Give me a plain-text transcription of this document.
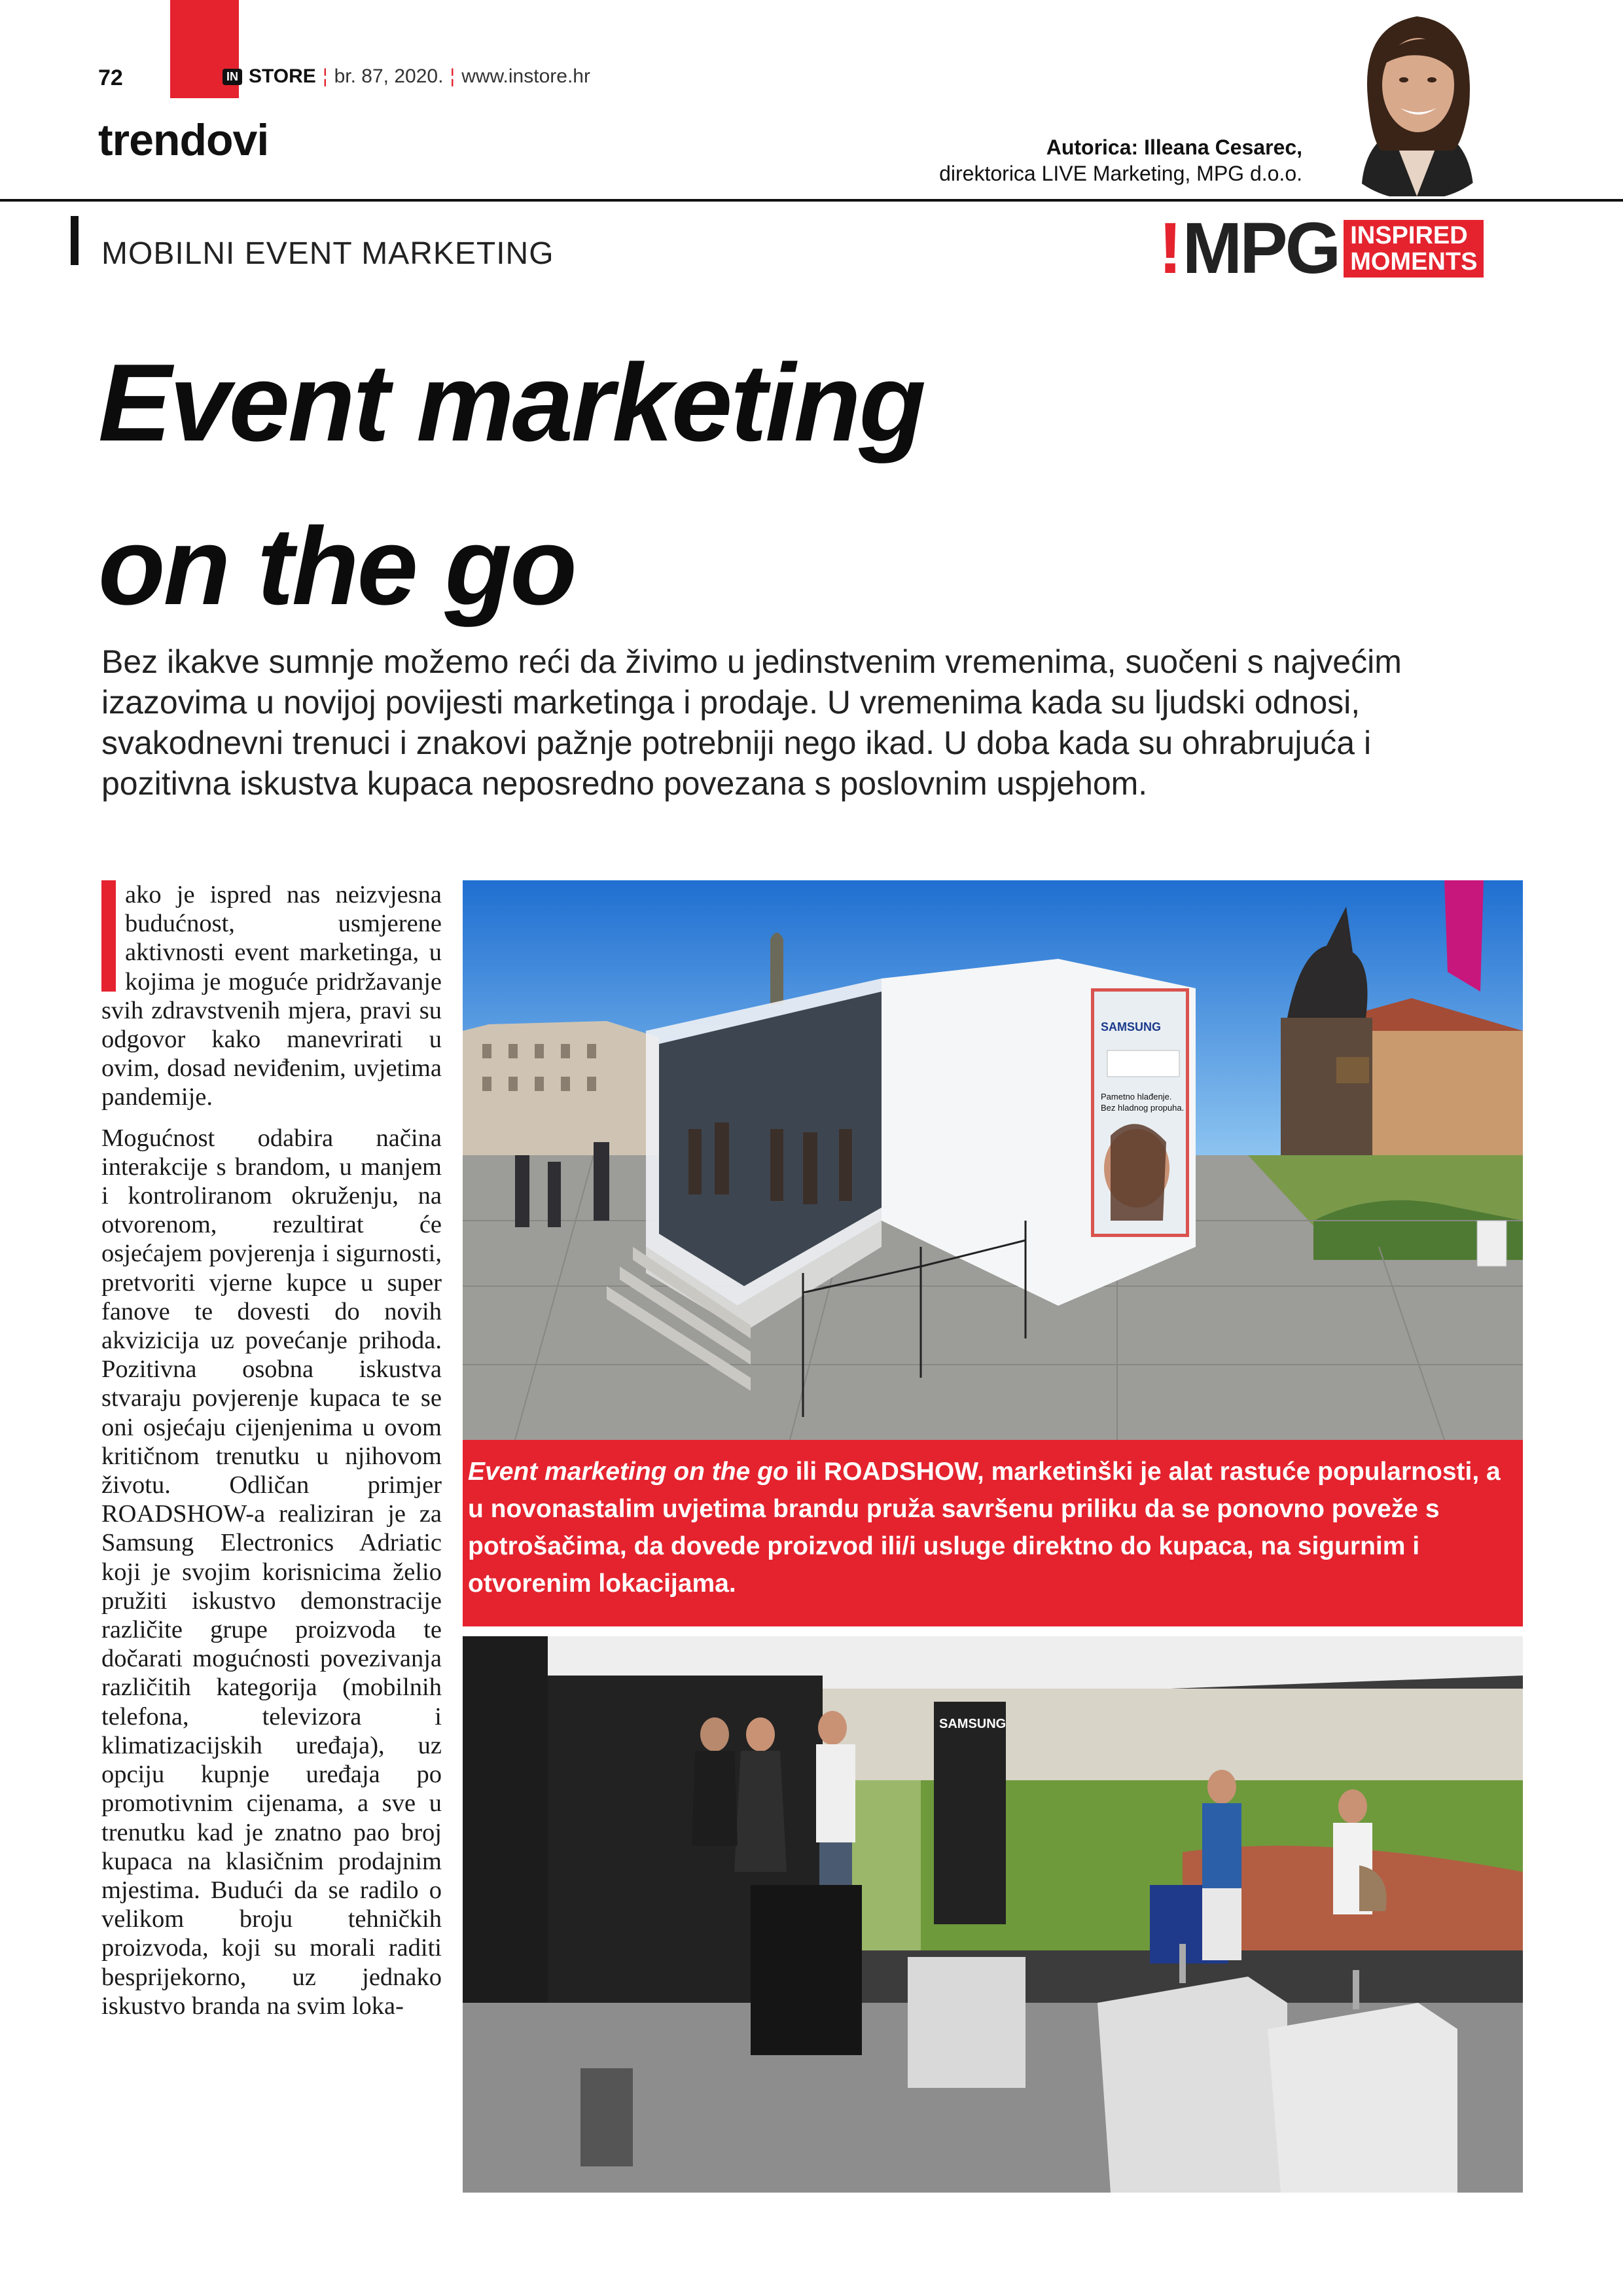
72	IN STORE ¦ br. 87, 2020. ¦ www.instore.hr
trendovi	Autorica: Illeana Cesarec,
direktorica LIVE Marketing, MPG d.o.o.
MOBILNI EVENT MARKETING	! MPG INSPIRED
MOMENTS
Event marketing
on the go
Bez ikakve sumnje možemo reći da živimo u jedinstvenim vremenima, suočeni s najvećim izazovima u novijoj povijesti marketinga i prodaje. U vremenima kada su ljudski odnosi, svakodnevni trenuci i znakovi pažnje potrebniji nego ikad. U doba kada su ohrabrujuća i pozitivna iskustva kupaca neposredno povezana s poslovnim uspjehom.

ako je ispred nas neizvjesna budućnost, usmjerene aktivnosti event marketinga, u kojima je moguće pridržavanje svih zdravstvenih mjera, pravi su odgovor kako manevrirati u ovim, dosad neviđenim, uvjetima pandemije.

Mogućnost odabira načina interakcije s brandom, u manjem i kontroliranom okruženju, na otvorenom, rezultirat će osjećajem povjerenja i sigurnosti, pretvoriti vjerne kupce u super fanove te dovesti do novih akvizicija uz povećanje prihoda. Pozitivna osobna iskustva stvaraju povjerenje kupaca te se oni osjećaju cijenjenima u ovom kritičnom trenutku u njihovom životu. Odličan primjer ROADSHOW-a realiziran je za Samsung Electronics Adriatic koji je svojim korisnicima želio pružiti iskustvo demonstracije različite grupe proizvoda te dočarati mogućnosti povezivanja različitih kategorija (mobilnih telefona, televizora i klimatizacijskih uređaja), uz opciju kupnje uređaja po promotivnim cijenama, a sve u trenutku kad je znatno pao broj kupaca na klasičnim prodajnim mjestima. Budući da se radilo o velikom broju tehničkih proizvoda, koji su morali raditi besprijekorno, uz jednako iskustvo branda na svim loka-

SAMSUNG
Pametno hlađenje.
Bez hladnog propuha.
Event marketing on the go ili ROADSHOW, marketinški je alat rastuće popularnosti, a u novonastalim uvjetima brandu pruža savršenu priliku da se ponovno poveže s potrošačima, da dovede proizvod ili/i usluge direktno do kupaca, na sigurnim i otvorenim lokacijama.
SAMSUNG
